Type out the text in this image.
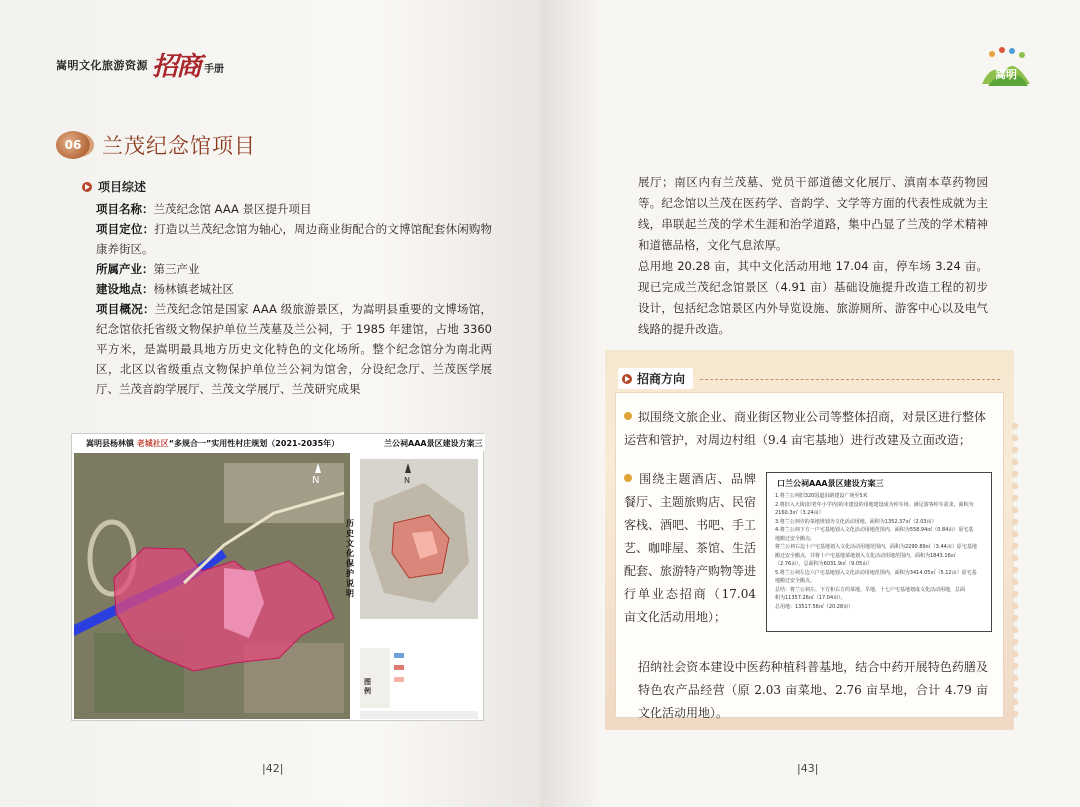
嵩明文化旅游资源 招商 手册	嵩明
06 兰茂纪念馆项目
项目综述
项目名称：兰茂纪念馆 AAA 景区提升项目
项目定位：打造以兰茂纪念馆为轴心，周边商业街配合的文博馆配套休闲购物康养街区。
所属产业：第三产业
建设地点：杨林镇老城社区
项目概况：兰茂纪念馆是国家 AAA 级旅游景区，为嵩明县重要的文博场馆，纪念馆依托省级文物保护单位兰茂墓及兰公祠，于 1985 年建馆，占地 3360 平方米，是嵩明最具地方历史文化特色的文化场所。整个纪念馆分为南北两区，北区以省级重点文物保护单位兰公祠为馆舍，分设纪念厅、兰茂医学展厅、兰茂音韵学展厅、兰茂文学展厅、兰茂研究成果
嵩明县杨林镇 老城社区“多规合一”实用性村庄规划（2021-2035年）	兰公祠AAA景区建设方案三
N
历史文化保护说明
N
图例
|42|
展厅；南区内有兰茂墓、党员干部道德文化展厅、滇南本草药物园等。纪念馆以兰茂在医药学、音韵学、文学等方面的代表性成就为主线，串联起兰茂的学术生涯和治学道路，集中凸显了兰茂的学术精神和道德品格，文化气息浓厚。
总用地 20.28 亩，其中文化活动用地 17.04 亩，停车场 3.24 亩。现已完成兰茂纪念馆景区（4.91 亩）基础设施提升改造工程的初步设计，包括纪念馆景区内外导览设施、旅游厕所、游客中心以及电气线路的提升改造。
招商方向
拟围绕文旅企业、商业街区物业公司等整体招商，对景区进行整体运营和管护，对周边村组（9.4 亩宅基地）进行改建及立面改造；
围绕主题酒店、品牌餐厅、主题旅购店、民宿客栈、酒吧、书吧、手工艺、咖啡屋、茶馆、生活配套、旅游特产购物等进行单业态招商（17.04 亩文化活动用地）；
招纳社会资本建设中医药种植科普基地，结合中药开展特色药膳及特色农产品经营（原 2.03 亩菜地、2.76 亩旱地，合计 4.79 亩文化活动用地）。
口兰公祠AAA景区建设方案三
1.将兰公祠旧320国道沿路建设广场至5米
2.将旧入大街(旧老年小学内)的未建设的用地建设成为停车场。满足游客停车需求，面积为
2160.3㎡（3.24亩）
3.将兰公祠旁的菜地规划为文化活动用地。面积为1352.37㎡（2.03亩）
4.将兰公祠下方一户宅基地划入文化活动用地范围内，面积为558.94㎡（0.84亩）原宅基
地搬迁安全搬点;
将兰公祠右边十户宅基地划入文化活动用地范围内，面积为2290.89㎡（3.44亩）原宅基地
搬迁安全搬点，并将十户宅基地菜地划入文化活动用地范围内，面积为1843.16㎡
（2.76亩），总面积为6031.9㎡（9.05亩）
5.将兰公祠左边六户宅基地划入文化活动用地范围内，面积为3414.05㎡（5.12亩）原宅基
地搬迁安全搬点。
总结：将兰公祠左、下方和右方的菜地、旱地、十七户宅基地划成文化活动用地，总面
积为11357.26㎡（17.04亩）。
总用地：13517.56㎡（20.28亩）
|43|
